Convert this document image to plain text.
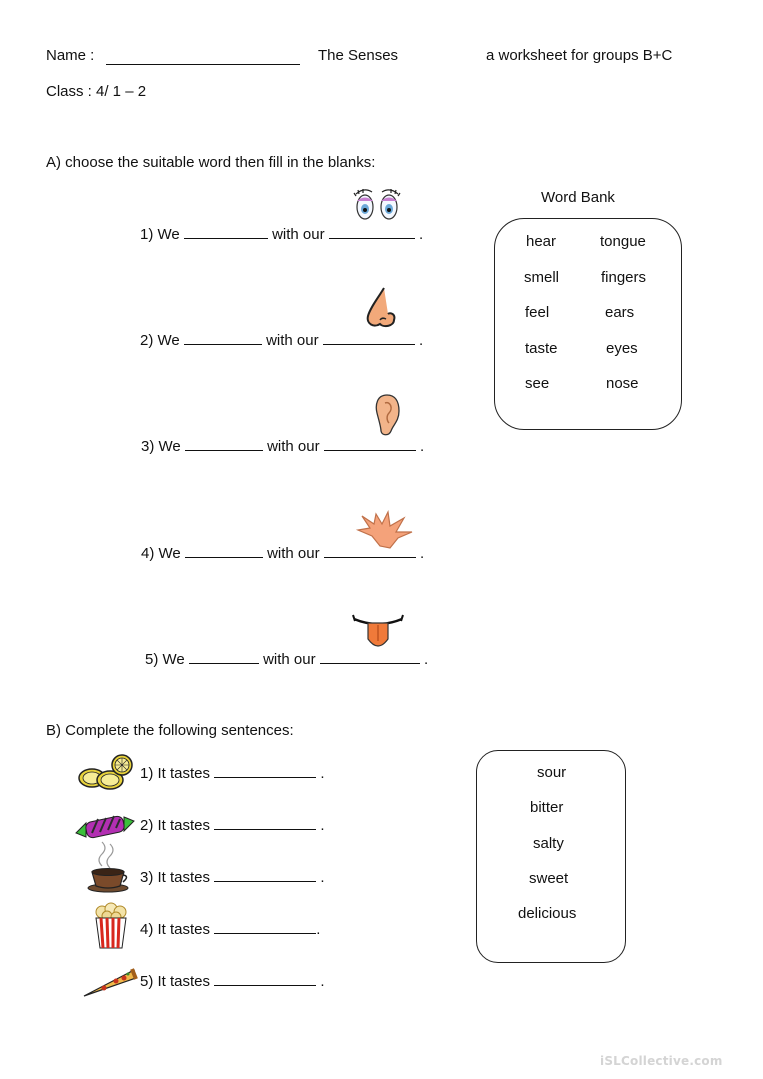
Name :	The Senses	a worksheet for groups B+C
Class : 4/ 1 – 2
A) choose the suitable word then fill in the blanks:
Word Bank
hear	tongue
smell	fingers
feel	ears
taste	eyes
see	nose
1) We	with our	.
2) We	with our	.
3) We	with our	.
4) We	with our	.
5) We	with our	.
B) Complete the following sentences:
1) It tastes	.
2) It tastes	.
3) It tastes	.
4) It tastes	.
5) It tastes	.
sour
bitter
salty
sweet
delicious
iSLCollective.com
